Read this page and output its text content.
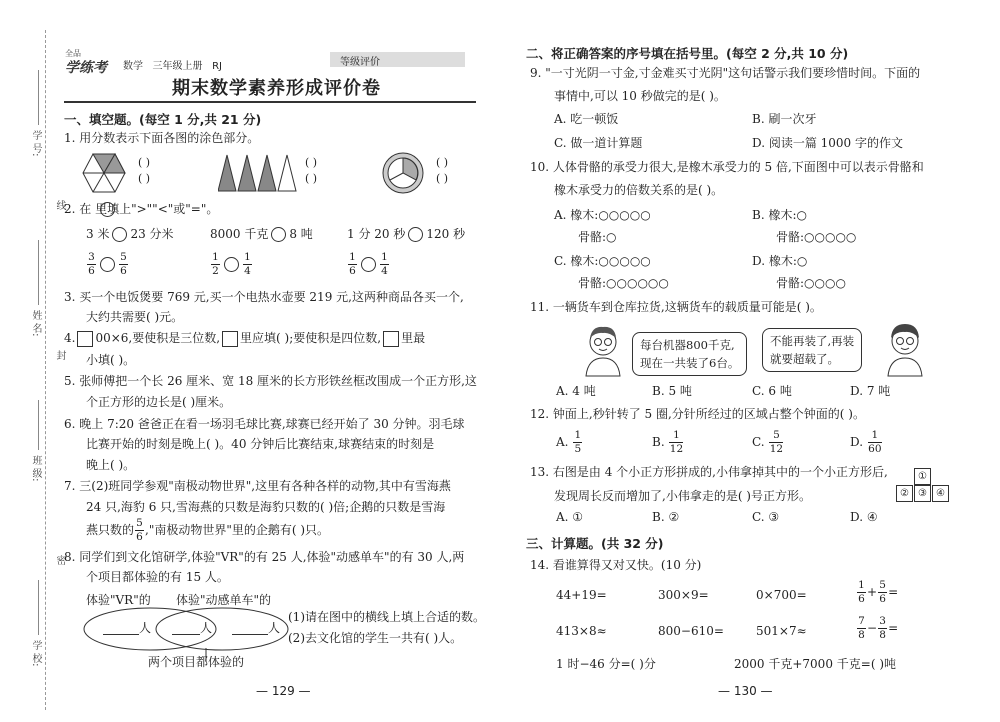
学 号:
姓 名:
班 级:
学 校:
线
封
密
全品
学练考 数学 三年级上册 RJ	等级评价
期末数学素养形成评价卷
一、填空题。(每空 1 分,共 21 分)
1. 用分数表示下面各图的涂色部分。
( )
( )
( )
( )
( )
( )
2. 在 里填上">""<"或"="。
3 米 23 分米	8000 千克 8 吨	1 分 20 秒 120 秒
$\frac{3}{6} \frac{5}{6}$	$\frac{1}{2} \frac{1}{4}$	$\frac{1}{6} \frac{1}{4}$
3. 买一个电饭煲要 769 元,买一个电热水壶要 219 元,这两种商品各买一个,
大约共需要( )元。
4. 00×6,要使积是三位数, 里应填( );要使积是四位数, 里最
小填( )。
5. 张师傅把一个长 26 厘米、宽 18 厘米的长方形铁丝框改围成一个正方形,这
个正方形的边长是( )厘米。
6. 晚上 7:20 爸爸正在看一场羽毛球比赛,球赛已经开始了 30 分钟。羽毛球
比赛开始的时刻是晚上( )。40 分钟后比赛结束,球赛结束的时刻是
晚上( )。
7. 三(2)班同学参观"南极动物世界",这里有各种各样的动物,其中有雪海燕
24 只,海豹 6 只,雪海燕的只数是海豹只数的( )倍;企鹅的只数是雪海
燕只数的 $\frac{5}{6}$ ,"南极动物世界"里的企鹅有( )只。
8. 同学们到文化馆研学,体验"VR"的有 25 人,体验"动感单车"的有 30 人,两
个项目都体验的有 15 人。
体验"VR"的 体验"动感单车"的
人	人	人
(1)请在图中的横线上填上合适的数。
(2)去文化馆的学生一共有( )人。
两个项目都体验的
— 129 —
二、将正确答案的序号填在括号里。(每空 2 分,共 10 分)
9. "一寸光阴一寸金,寸金难买寸光阴"这句话警示我们要珍惜时间。下面的
事情中,可以 10 秒做完的是( )。
A. 吃一顿饭	B. 刷一次牙
C. 做一道计算题	D. 阅读一篇 1000 字的作文
10. 人体骨骼的承受力很大,是橡木承受力的 5 倍,下面图中可以表示骨骼和
橡木承受力的倍数关系的是( )。
A. 橡木:○○○○○
骨骼:○
B. 橡木:○
骨骼:○○○○○
C. 橡木:○○○○○
骨骼:○○○○○○
D. 橡木:○
骨骼:○○○○
11. 一辆货车到仓库拉货,这辆货车的载质量可能是( )。
每台机器800千克,
现在一共装了6台。
不能再装了,再装
就要超载了。
A. 4 吨	B. 5 吨	C. 6 吨	D. 7 吨
12. 钟面上,秒针转了 5 圈,分针所经过的区域占整个钟面的( )。
A. $\frac{1}{5}$	B. $\frac{1}{12}$	C. $\frac{5}{12}$	D. $\frac{1}{60}$
13. 右图是由 4 个小正方形拼成的,小伟拿掉其中的一个小正方形后,
发现周长反而增加了,小伟拿走的是( )号正方形。
①
② ③ ④
A. ①	B. ②	C. ③	D. ④
三、计算题。(共 32 分)
14. 看谁算得又对又快。(10 分)
44+19=	300×9=	0×700=	$\frac{1}{6} + \frac{5}{6}$ =
413×8≈	800−610=	501×7≈	$\frac{7}{8} - \frac{3}{8}$ =
1 时−46 分=( )分	2000 千克+7000 千克=( )吨
— 130 —
